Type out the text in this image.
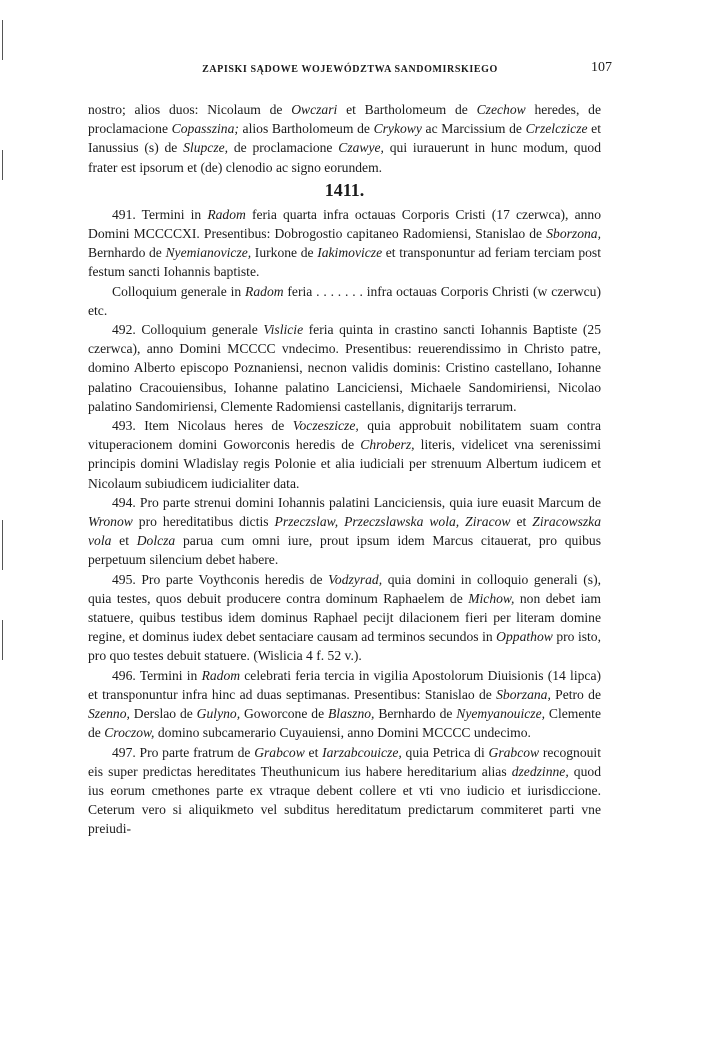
ZAPISKI SĄDOWE WOJEWÓDZTWA SANDOMIRSKIEGO	107

nostro; alios duos: Nicolaum de Owczari et Bartholomeum de Czechow heredes, de proclamacione Copasszina; alios Bartholomeum de Crykowy ac Marcissium de Crzelczicze et Ianussius (s) de Slupcze, de proclamacione Czawye, qui iurauerunt in hunc modum, quod frater est ipsorum et (de) clenodio ac signo eorundem.

1411.

491. Termini in Radom feria quarta infra octauas Corporis Cristi (17 czerwca), anno Domini MCCCCXI. Presentibus: Dobrogostio capitaneo Radomiensi, Stanislao de Sborzona, Bernhardo de Nyemianovicze, Iurkone de Iakimovicze et transponuntur ad feriam terciam post festum sancti Iohannis baptiste.

Colloquium generale in Radom feria . . . . . . . infra octauas Corporis Christi (w czerwcu) etc.

492. Colloquium generale Vislicie feria quinta in crastino sancti Iohannis Baptiste (25 czerwca), anno Domini MCCCC vndecimo. Presentibus: reuerendissimo in Christo patre, domino Alberto episcopo Poznaniensi, necnon validis dominis: Cristino castellano, Iohanne palatino Cracouiensibus, Iohanne palatino Lanciciensi, Michaele Sandomiriensi, Nicolao palatino Sandomiriensi, Clemente Radomiensi castellanis, dignitarijs terrarum.

493. Item Nicolaus heres de Voczeszicze, quia approbuit nobilitatem suam contra vituperacionem domini Goworconis heredis de Chroberz, literis, videlicet vna serenissimi principis domini Wladislay regis Polonie et alia iudiciali per strenuum Albertum iudicem et Nicolaum subiudicem iudicialiter data.

494. Pro parte strenui domini Iohannis palatini Lanciciensis, quia iure euasit Marcum de Wronow pro hereditatibus dictis Przeczslaw, Przeczslawska wola, Ziracow et Ziracowszka vola et Dolcza parua cum omni iure, prout ipsum idem Marcus citauerat, pro quibus perpetuum silencium debet habere.

495. Pro parte Voythconis heredis de Vodzyrad, quia domini in colloquio generali (s), quia testes, quos debuit producere contra dominum Raphaelem de Michow, non debet iam statuere, quibus testibus idem dominus Raphael pecijt dilacionem fieri per literam domine regine, et dominus iudex debet sentaciare causam ad terminos secundos in Oppathow pro isto, pro quo testes debuit statuere. (Wislicia 4 f. 52 v.).

496. Termini in Radom celebrati feria tercia in vigilia Apostolorum Diuisionis (14 lipca) et transponuntur infra hinc ad duas septimanas. Presentibus: Stanislao de Sborzana, Petro de Szenno, Derslao de Gulyno, Goworcone de Blaszno, Bernhardo de Nyemyanouicze, Clemente de Croczow, domino subcamerario Cuyauiensi, anno Domini MCCCC undecimo.

497. Pro parte fratrum de Grabcow et Iarzabcouicze, quia Petrica di Grabcow recognouit eis super predictas hereditates Theuthunicum ius habere hereditarium alias dzedzinne, quod ius eorum cmethones parte ex vtraque debent collere et vti vno iudicio et iurisdiccione. Ceterum vero si aliquikmeto vel subditus hereditatum predictarum commiteret parti vne preiudi-
